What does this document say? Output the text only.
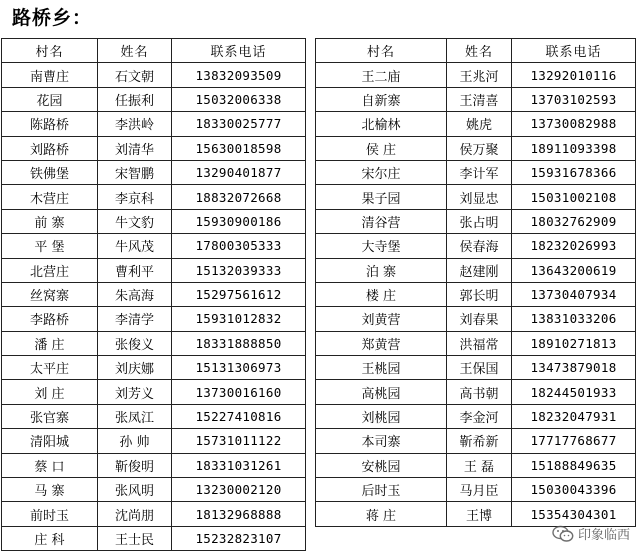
路桥乡：
村名	姓名	联系电话
南曹庄	石文朝	13832093509
花园	任振利	15032006338
陈路桥	李洪岭	18330025777
刘路桥	刘清华	15630018598
铁佛堡	宋智鹏	13290401877
木营庄	李京科	18832072668
前 寨	牛文豹	15930900186
平 堡	牛风茂	17800305333
北营庄	曹利平	15132039333
丝窝寨	朱高海	15297561612
李路桥	李清学	15931012832
潘 庄	张俊义	18331888850
太平庄	刘庆娜	15131306973
刘 庄	刘芳义	13730016160
张官寨	张凤江	15227410816
清阳城	孙 帅	15731011122
蔡 口	靳俊明	18331031261
马 寨	张风明	13230002120
前时玉	沈尚朋	18132968888
庄 科	王士民	15232823107
村名	姓名	联系电话
王二庙	王兆河	13292010116
自新寨	王清喜	13703102593
北榆林	姚虎	13730082988
侯 庄	侯万聚	18911093398
宋尔庄	李计军	15931678366
果子园	刘显忠	15031002108
清谷营	张占明	18032762909
大寺堡	侯春海	18232026993
泊 寨	赵建刚	13643200619
楼 庄	郭长明	13730407934
刘黄营	刘春果	13831033206
郑黄营	洪福常	18910271813
王桃园	王保国	13473879018
高桃园	高书朝	18244501933
刘桃园	李金河	18232047931
本司寨	靳希新	17717768677
安桃园	王 磊	15188849635
后时玉	马月臣	15030043396
蒋 庄	王博	15354304301
印象临西
